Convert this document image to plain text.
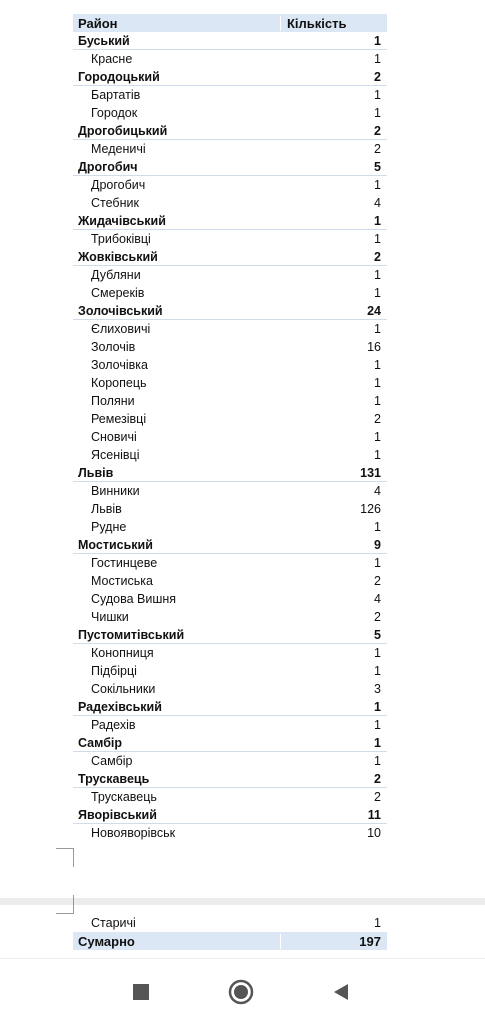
Район	Кількість
Буський	1
Красне	1
Городоцький	2
Бартатів	1
Городок	1
Дрогобицький	2
Меденичі	2
Дрогобич	5
Дрогобич	1
Стебник	4
Жидачівський	1
Трибоківці	1
Жовківський	2
Дубляни	1
Смереків	1
Золочівський	24
Єлиховичі	1
Золочів	16
Золочівка	1
Коропець	1
Поляни	1
Ремезівці	2
Сновичі	1
Ясенівці	1
Львів	131
Винники	4
Львів	126
Рудне	1
Мостиський	9
Гостинцеве	1
Мостиська	2
Судова Вишня	4
Чишки	2
Пустомитівський	5
Конопниця	1
Підбірці	1
Сокільники	3
Радехівський	1
Радехів	1
Самбір	1
Самбір	1
Трускавець	2
Трускавець	2
Яворівський	11
Новояворівськ	10
Старичі	1
Сумарно	197
